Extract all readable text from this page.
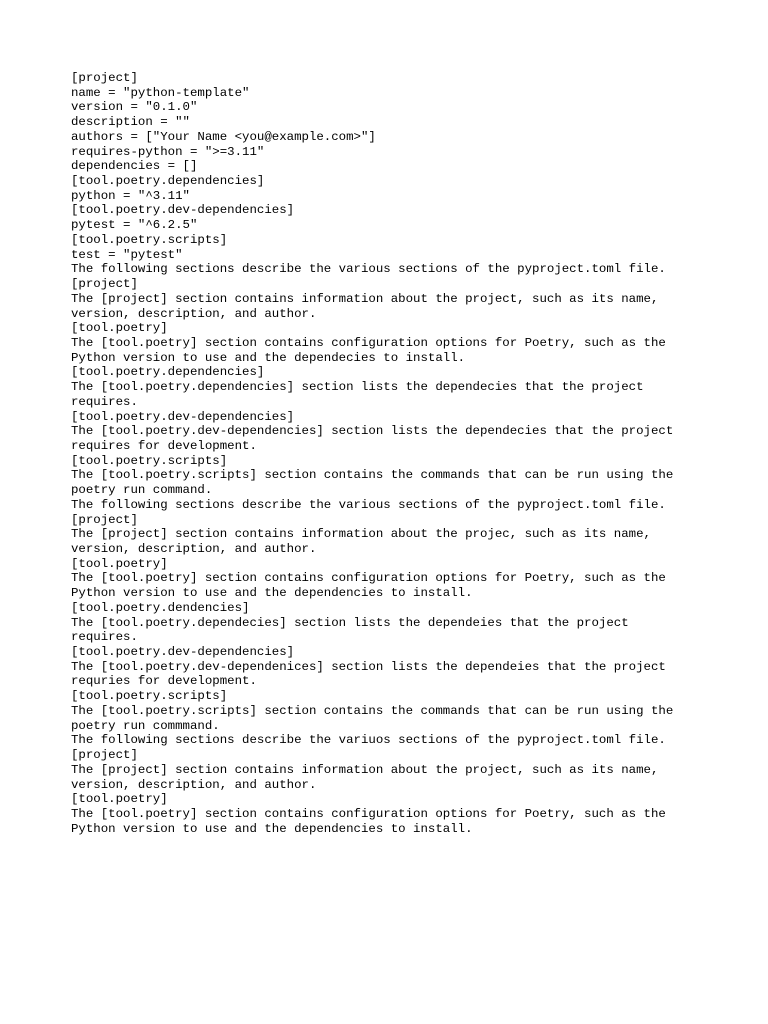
[project]
name = "python-template"
version = "0.1.0"
description = ""
authors = ["Your Name <you@example.com>"]
requires-python = ">=3.11"
dependencies = []
[tool.poetry.dependencies]
python = "^3.11"
[tool.poetry.dev-dependencies]
pytest = "^6.2.5"
[tool.poetry.scripts]
test = "pytest"
The following sections describe the various sections of the pyproject.toml file.
[project]
The [project] section contains information about the project, such as its name,
version, description, and author.
[tool.poetry]
The [tool.poetry] section contains configuration options for Poetry, such as the
Python version to use and the dependecies to install.
[tool.poetry.dependencies]
The [tool.poetry.dependencies] section lists the dependecies that the project
requires.
[tool.poetry.dev-dependencies]
The [tool.poetry.dev-dependencies] section lists the dependecies that the project
requires for development.
[tool.poetry.scripts]
The [tool.poetry.scripts] section contains the commands that can be run using the
poetry run command.
The following sections describe the various sections of the pyproject.toml file.
[project]
The [project] section contains information about the projec, such as its name,
version, description, and author.
[tool.poetry]
The [tool.poetry] section contains configuration options for Poetry, such as the
Python version to use and the dependencies to install.
[tool.poetry.dendencies]
The [tool.poetry.dependecies] section lists the dependeies that the project
requires.
[tool.poetry.dev-dependencies]
The [tool.poetry.dev-dependenices] section lists the dependeies that the project
requries for development.
[tool.poetry.scripts]
The [tool.poetry.scripts] section contains the commands that can be run using the
poetry run commmand.
The following sections describe the variuos sections of the pyproject.toml file.
[project]
The [project] section contains information about the project, such as its name,
version, description, and author.
[tool.poetry]
The [tool.poetry] section contains configuration options for Poetry, such as the
Python version to use and the dependencies to install.
